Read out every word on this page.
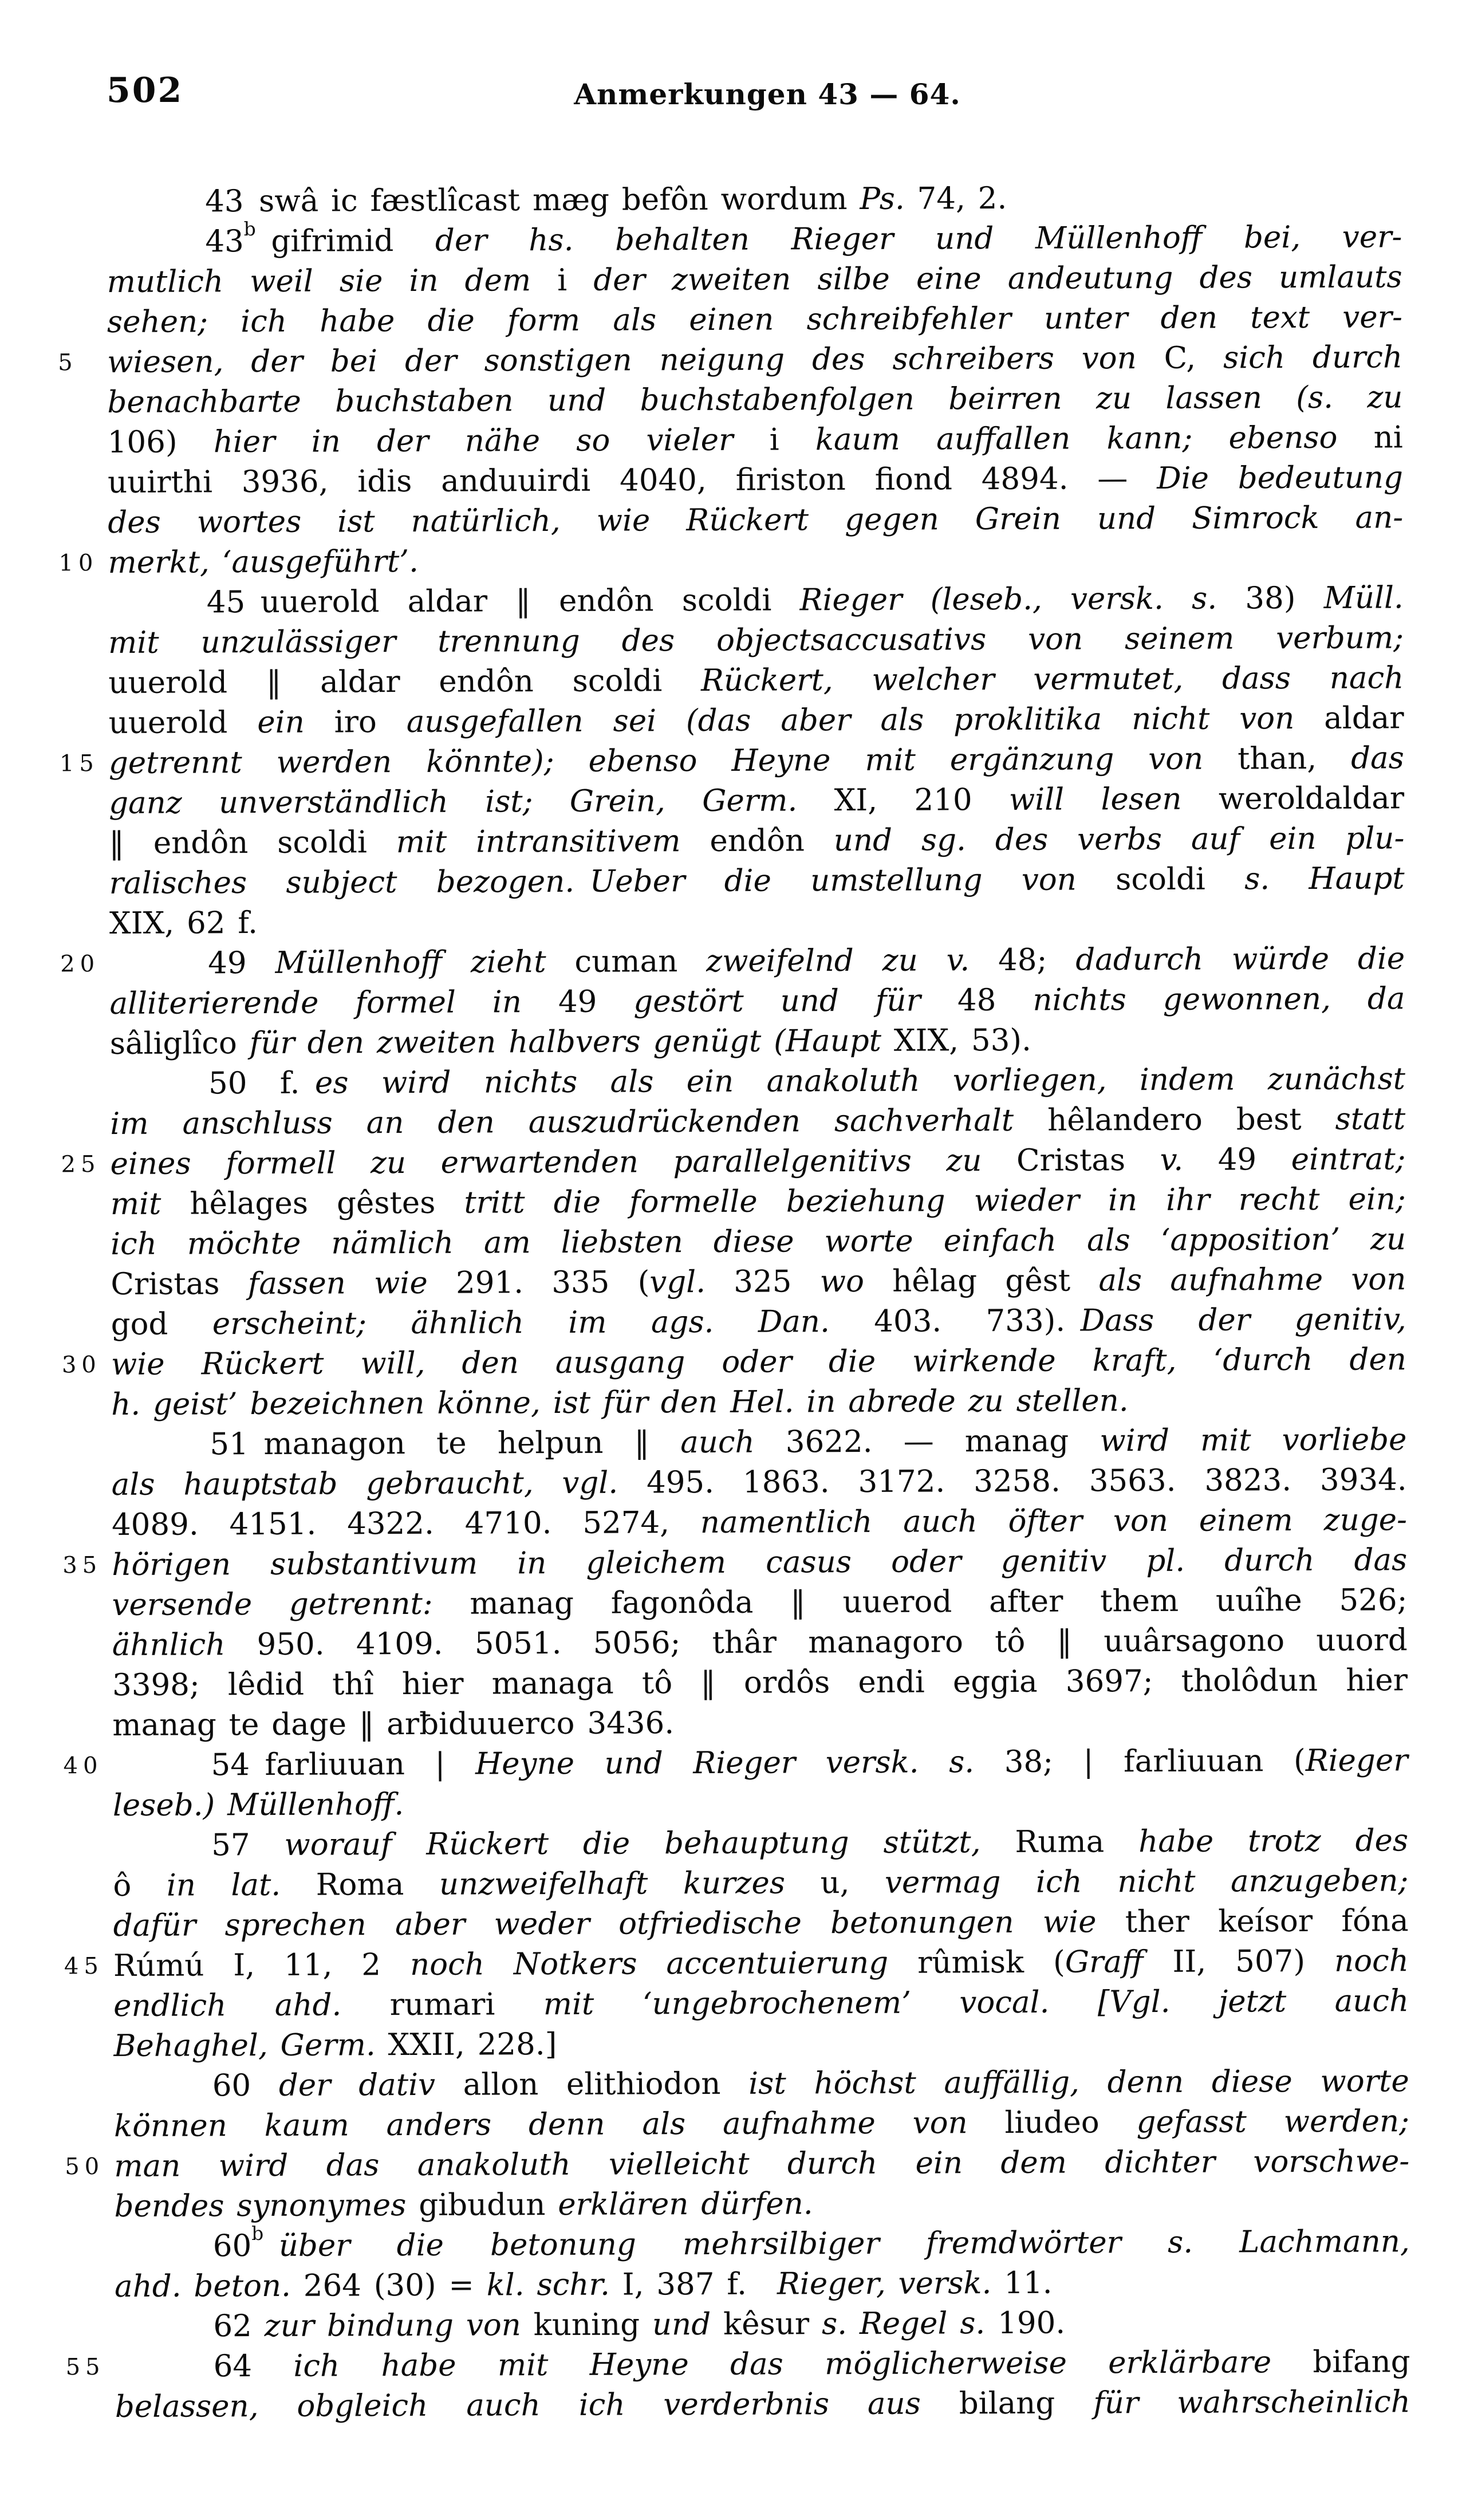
502	Anmerkungen 43 — 64.
43 swâ ic fæstlîcast mæg befôn wordum Ps. 74, 2.
43$^b$ gifrimid der hs. behalten Rieger und Müllenhoff bei, ver-
mutlich weil sie in dem i der zweiten silbe eine andeutung des umlauts
sehen; ich habe die form als einen schreibfehler unter den text ver-
5 wiesen, der bei der sonstigen neigung des schreibers von C, sich durch
benachbarte buchstaben und buchstabenfolgen beirren zu lassen (s. zu
106) hier in der nähe so vieler i kaum auffallen kann; ebenso ni
uuirthi 3936, idis anduuirdi 4040, firiston fiond 4894. — Die bedeutung
des wortes ist natürlich, wie Rückert gegen Grein und Simrock an-
10 merkt, ‘ausgeführt’.
45 uuerold aldar ‖ endôn scoldi Rieger (leseb., versk. s. 38) Müll.
mit unzulässiger trennung des objectsaccusativs von seinem verbum;
uuerold ‖ aldar endôn scoldi Rückert, welcher vermutet, dass nach
uuerold ein iro ausgefallen sei (das aber als proklitika nicht von aldar
15 getrennt werden könnte); ebenso Heyne mit ergänzung von than, das
ganz unverständlich ist; Grein, Germ. XI, 210 will lesen weroldaldar
‖ endôn scoldi mit intransitivem endôn und sg. des verbs auf ein plu-
ralisches subject bezogen. Ueber die umstellung von scoldi s. Haupt
XIX, 62 f.
20	49 Müllenhoff zieht cuman zweifelnd zu v. 48; dadurch würde die
alliterierende formel in 49 gestört und für 48 nichts gewonnen, da
sâliglîco für den zweiten halbvers genügt (Haupt XIX, 53).
50 f. es wird nichts als ein anakoluth vorliegen, indem zunächst
im anschluss an den auszudrückenden sachverhalt hêlandero best statt
25 eines formell zu erwartenden parallelgenitivs zu Cristas v. 49 eintrat;
mit hêlages gêstes tritt die formelle beziehung wieder in ihr recht ein;
ich möchte nämlich am liebsten diese worte einfach als ‘apposition’ zu
Cristas fassen wie 291. 335 (vgl. 325 wo hêlag gêst als aufnahme von
god erscheint; ähnlich im ags. Dan. 403. 733). Dass der genitiv,
30 wie Rückert will, den ausgang oder die wirkende kraft, ‘durch den
h. geist’ bezeichnen könne, ist für den Hel. in abrede zu stellen.
51 managon te helpun ‖ auch 3622. — manag wird mit vorliebe
als hauptstab gebraucht, vgl. 495. 1863. 3172. 3258. 3563. 3823. 3934.
4089. 4151. 4322. 4710. 5274, namentlich auch öfter von einem zuge-
35 hörigen substantivum in gleichem casus oder genitiv pl. durch das
versende getrennt: manag fagonôda ‖ uuerod after them uuîhe 526;
ähnlich 950. 4109. 5051. 5056; thâr managoro tô ‖ uuârsagono uuord
3398; lêdid thî hier managa tô ‖ ordôs endi eggia 3697; tholôdun hier
manag te dage ‖ arƀiduuerco 3436.
40	54 farliuuan | Heyne und Rieger versk. s. 38; | farliuuan (Rieger
leseb.) Müllenhoff.
57 worauf Rückert die behauptung stützt, Ruma habe trotz des
ô in lat. Roma unzweifelhaft kurzes u, vermag ich nicht anzugeben;
dafür sprechen aber weder otfriedische betonungen wie ther keísor fóna
45 Rúmú I, 11, 2 noch Notkers accentuierung rûmisk (Graff II, 507) noch
endlich ahd. rumari mit ‘ungebrochenem’ vocal. [Vgl. jetzt auch
Behaghel, Germ. XXII, 228.]
60 der dativ allon elithiodon ist höchst auffällig, denn diese worte
können kaum anders denn als aufnahme von liudeo gefasst werden;
50 man wird das anakoluth vielleicht durch ein dem dichter vorschwe-
bendes synonymes gibudun erklären dürfen.
60$^b$  über die betonung mehrsilbiger fremdwörter s. Lachmann,
ahd. beton. 264 (30) = kl. schr. I, 387 f. Rieger, versk. 11.
62 zur bindung von kuning und kêsur s. Regel s. 190.
55	64 ich habe mit Heyne das möglicherweise erklärbare bifang
belassen, obgleich auch ich verderbnis aus bilang für wahrscheinlich
